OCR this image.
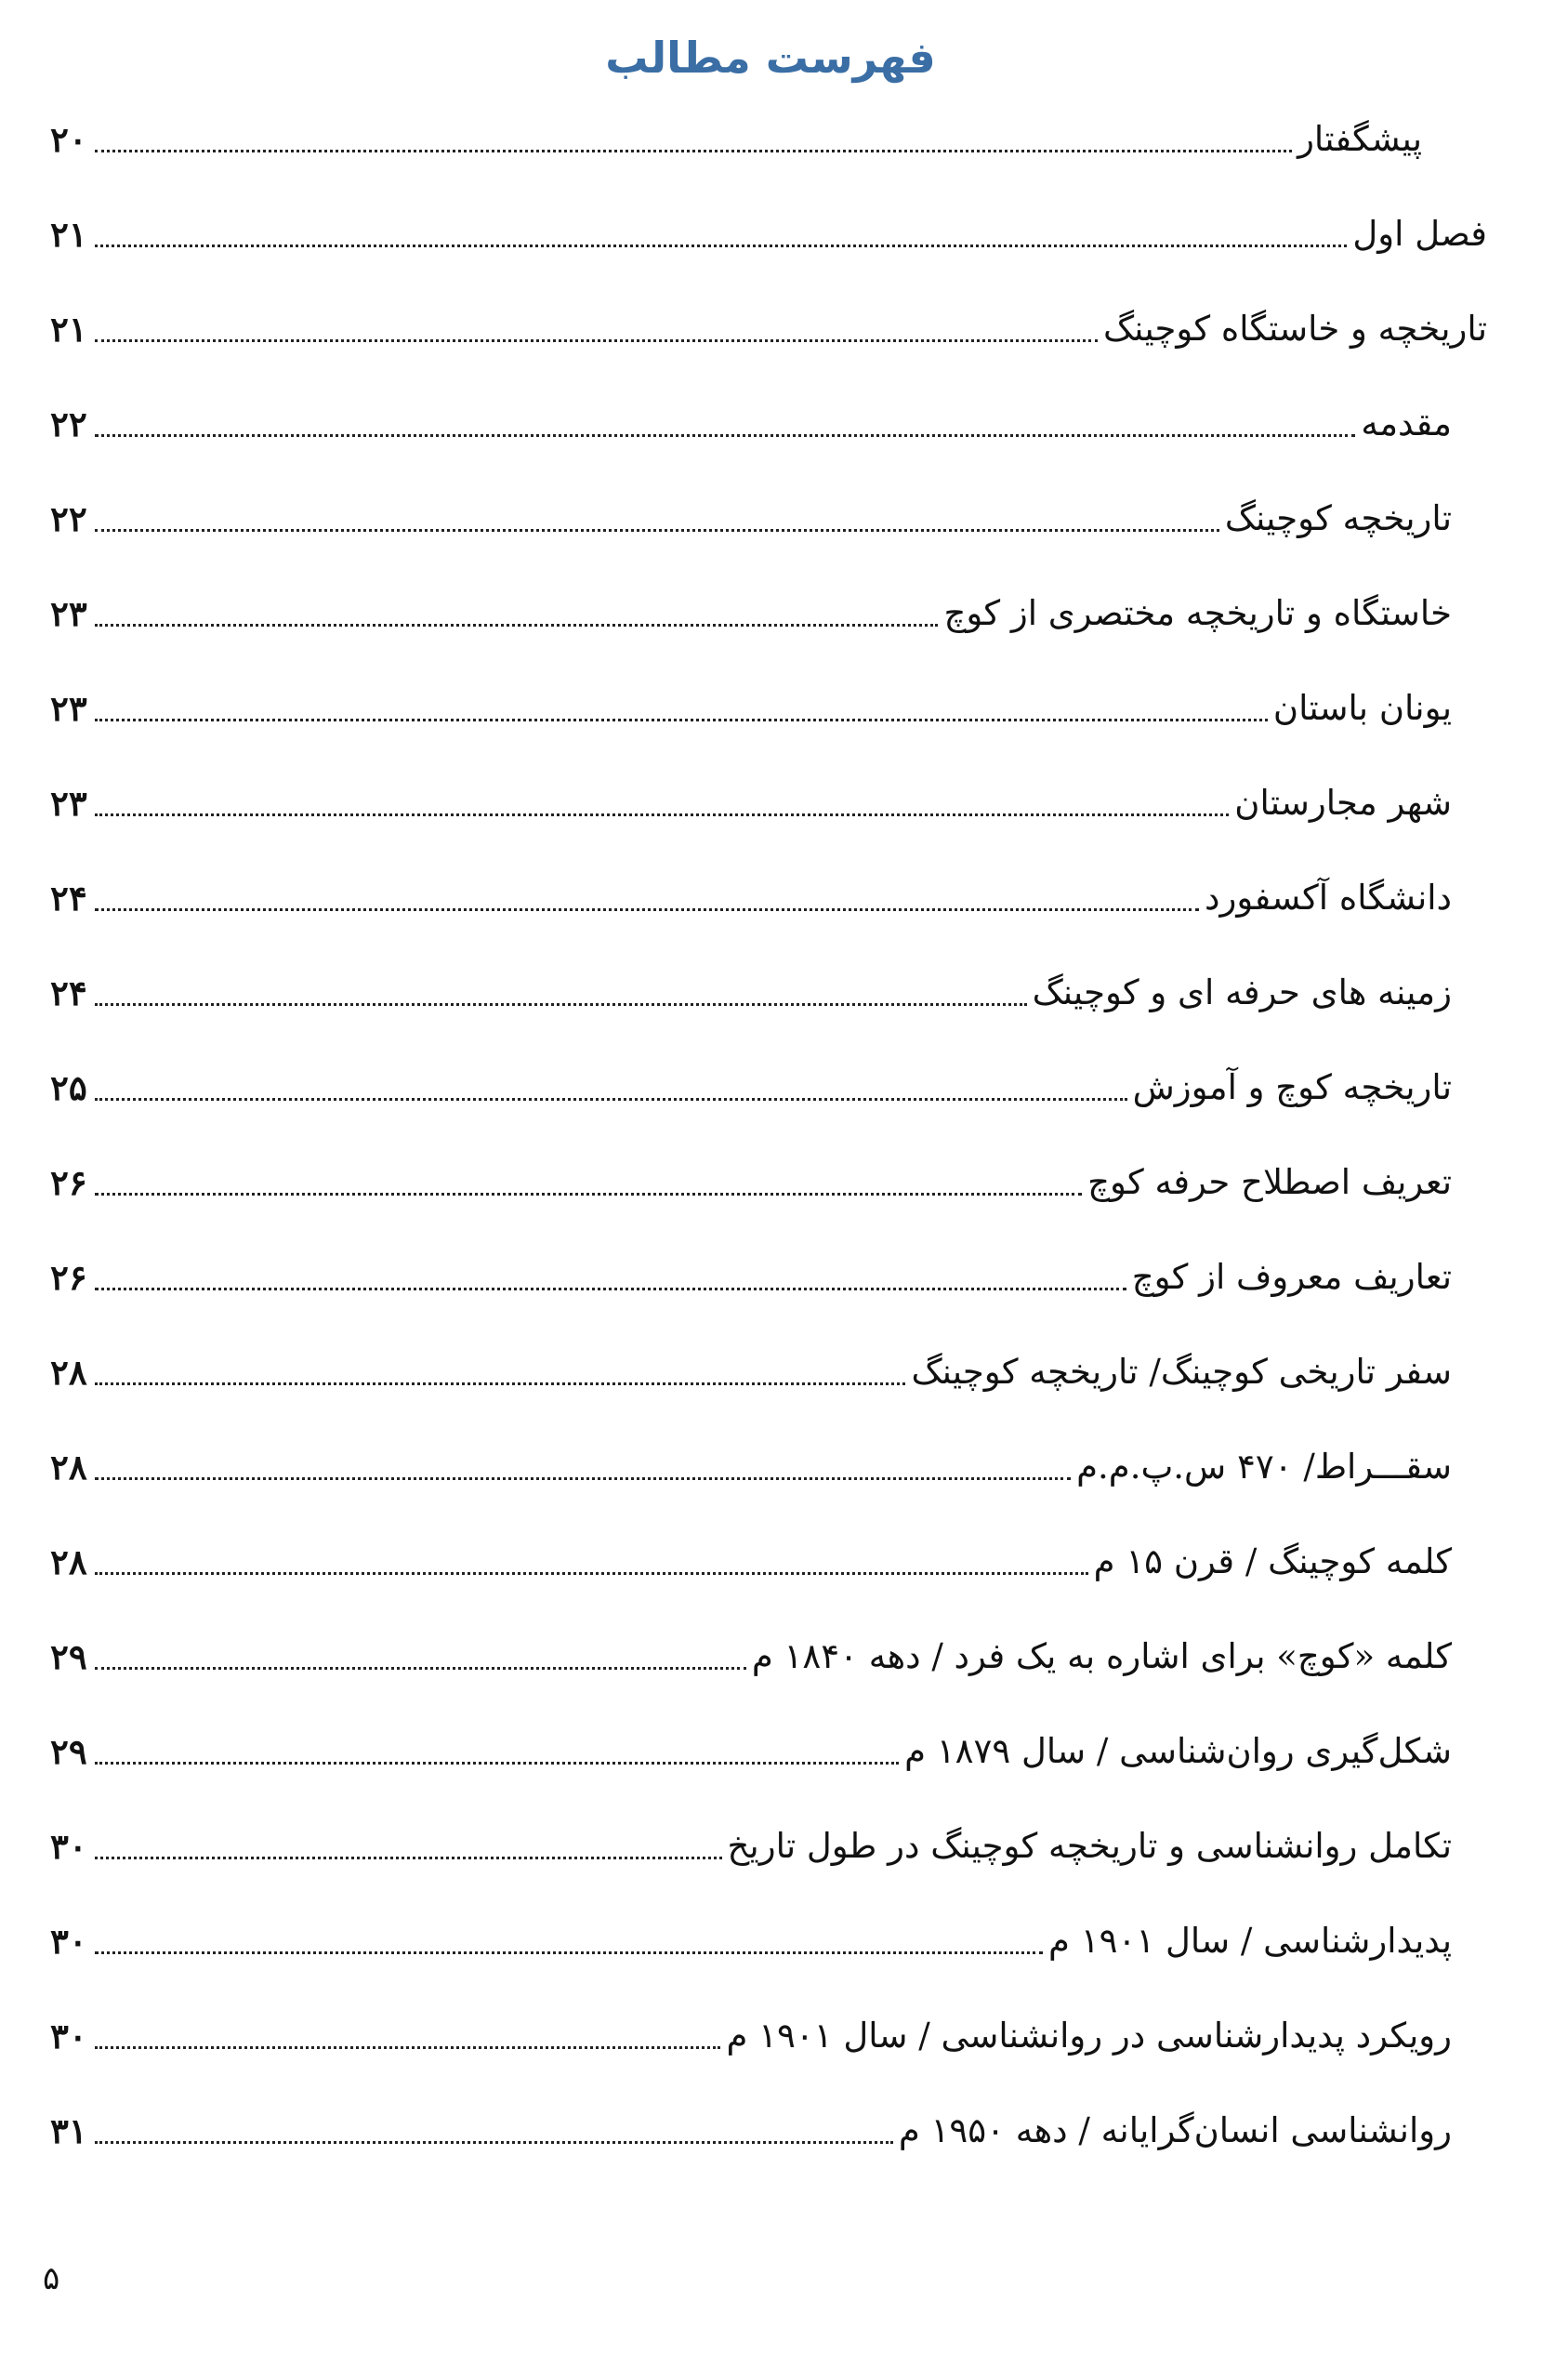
فهرست مطالب
پیشگفتار
۲۰
فصل اول
۲۱
تاریخچه و خاستگاه کوچینگ
۲۱
مقدمه
۲۲
تاریخچه کوچینگ
۲۲
خاستگاه و تاریخچه مختصری از کوچ
۲۳
یونان باستان
۲۳
شهر مجارستان
۲۳
دانشگاه آکسفورد
۲۴
زمینه های حرفه ای و کوچینگ
۲۴
تاریخچه کوچ و آموزش
۲۵
تعریف اصطلاح حرفه کوچ
۲۶
تعاریف معروف از کوچ
۲۶
سفر تاریخی کوچینگ/ تاریخچه کوچینگ
۲۸
سقـــراط/ ۴۷۰ س.پ.م.م
۲۸
کلمه کوچینگ / قرن ۱۵ م
۲۸
کلمه «کوچ» برای اشاره به یک فرد / دهه ۱۸۴۰ م
۲۹
شکل‌گیری روان‌شناسی / سال ۱۸۷۹ م
۲۹
تکامل روانشناسی و تاریخچه کوچینگ در طول تاریخ
۳۰
پدیدارشناسی / سال ۱۹۰۱ م
۳۰
رویکرد پدیدارشناسی در روانشناسی / سال ۱۹۰۱ م
۳۰
روانشناسی انسان‌گرایانه / دهه ۱۹۵۰ م
۳۱
۵
